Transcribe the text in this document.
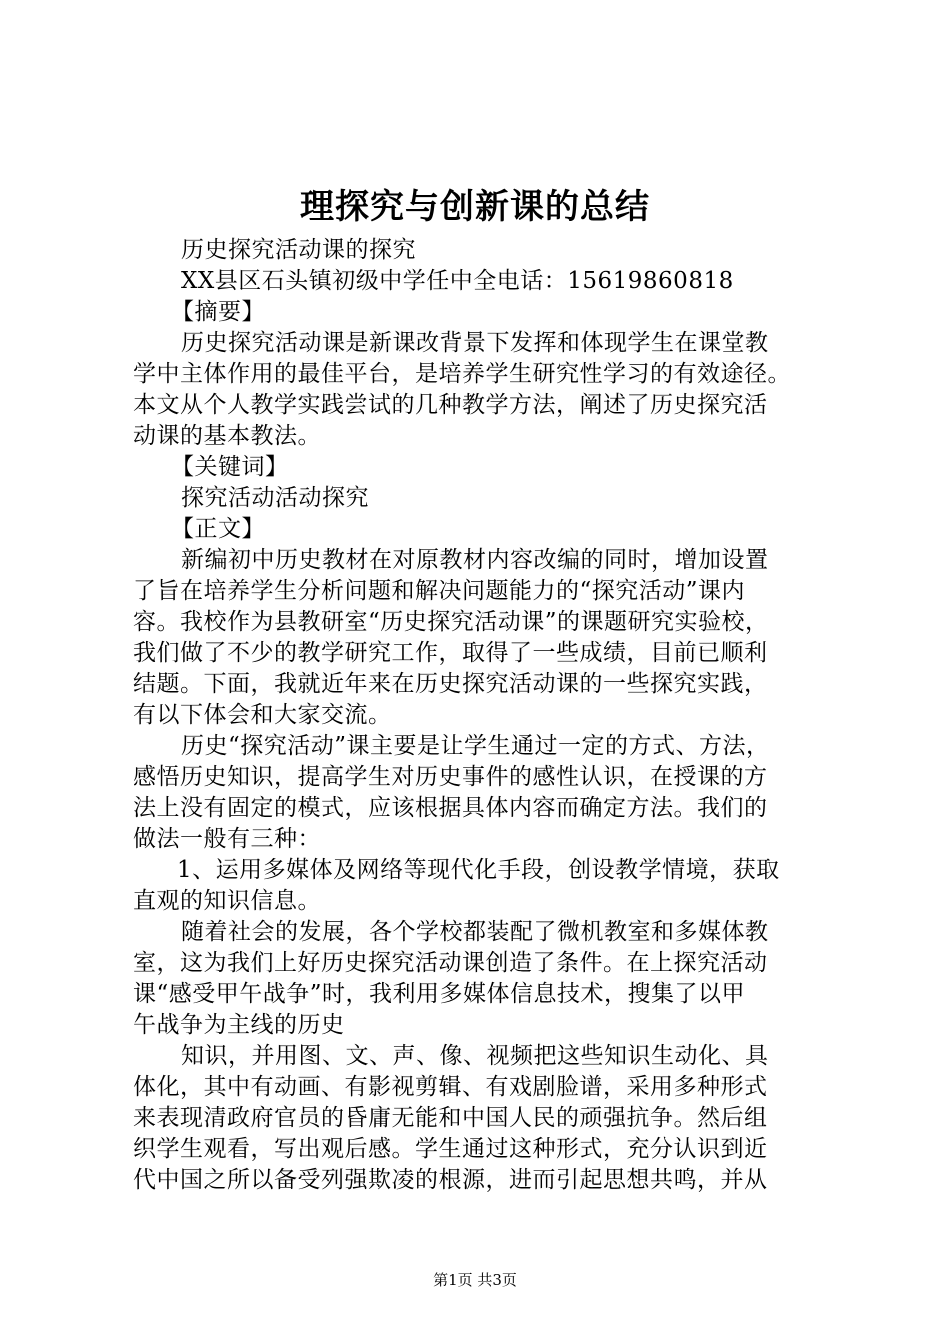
理探究与创新课的总结
历史探究活动课的探究
XX县区石头镇初级中学任中全电话：15619860818
【摘要】
历史探究活动课是新课改背景下发挥和体现学生在课堂教
学中主体作用的最佳平台，是培养学生研究性学习的有效途径。
本文从个人教学实践尝试的几种教学方法，阐述了历史探究活
动课的基本教法。
【关键词】
探究活动活动探究
【正文】
新编初中历史教材在对原教材内容改编的同时，增加设置
了旨在培养学生分析问题和解决问题能力的“探究活动”课内
容。我校作为县教研室“历史探究活动课”的课题研究实验校，
我们做了不少的教学研究工作，取得了一些成绩，目前已顺利
结题。下面，我就近年来在历史探究活动课的一些探究实践，
有以下体会和大家交流。
历史“探究活动”课主要是让学生通过一定的方式、方法，
感悟历史知识，提高学生对历史事件的感性认识，在授课的方
法上没有固定的模式，应该根据具体内容而确定方法。我们的
做法一般有三种：
1、运用多媒体及网络等现代化手段，创设教学情境，获取
直观的知识信息。
随着社会的发展，各个学校都装配了微机教室和多媒体教
室，这为我们上好历史探究活动课创造了条件。在上探究活动
课“感受甲午战争”时，我利用多媒体信息技术，搜集了以甲
午战争为主线的历史
知识，并用图、文、声、像、视频把这些知识生动化、具
体化，其中有动画、有影视剪辑、有戏剧脸谱，采用多种形式
来表现清政府官员的昏庸无能和中国人民的顽强抗争。然后组
织学生观看，写出观后感。学生通过这种形式，充分认识到近
代中国之所以备受列强欺凌的根源，进而引起思想共鸣，并从
第1页 共3页
